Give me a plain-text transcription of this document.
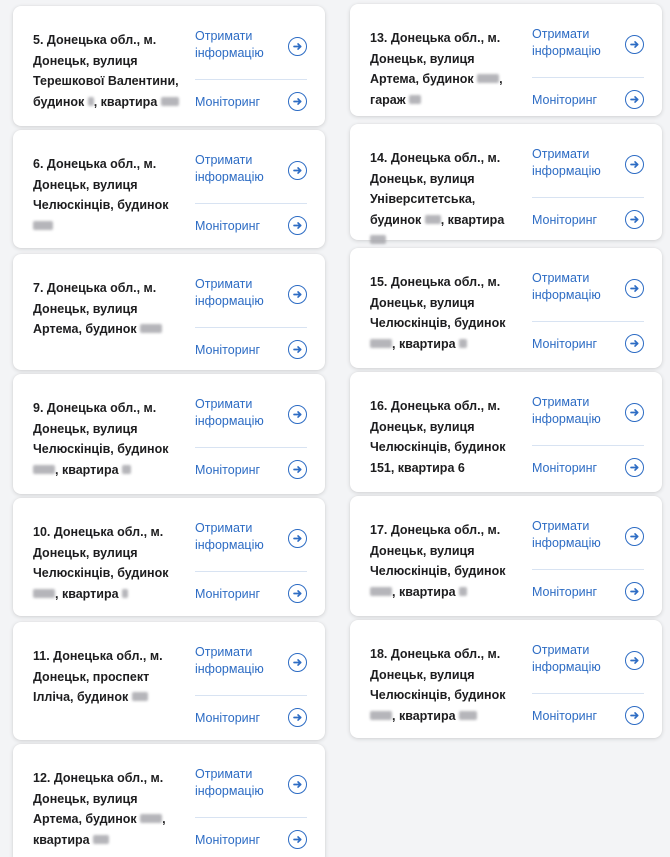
5. Донецька обл., м. Донецьк, вулиця Терешкової Валентини, будинок , квартира
Отримати інформацію
Моніторинг
6. Донецька обл., м. Донецьк, вулиця Челюскінців, будинок
Отримати інформацію
Моніторинг
7. Донецька обл., м. Донецьк, вулиця Артема, будинок
Отримати інформацію
Моніторинг
9. Донецька обл., м. Донецьк, вулиця Челюскінців, будинок , квартира
Отримати інформацію
Моніторинг
10. Донецька обл., м. Донецьк, вулиця Челюскінців, будинок , квартира
Отримати інформацію
Моніторинг
11. Донецька обл., м. Донецьк, проспект Ілліча, будинок
Отримати інформацію
Моніторинг
12. Донецька обл., м. Донецьк, вулиця Артема, будинок , квартира
Отримати інформацію
Моніторинг
13. Донецька обл., м. Донецьк, вулиця Артема, будинок , гараж
Отримати інформацію
Моніторинг
14. Донецька обл., м. Донецьк, вулиця Університетська, будинок , квартира
Отримати інформацію
Моніторинг
15. Донецька обл., м. Донецьк, вулиця Челюскінців, будинок , квартира
Отримати інформацію
Моніторинг
16. Донецька обл., м. Донецьк, вулиця Челюскінців, будинок 151, квартира 6
Отримати інформацію
Моніторинг
17. Донецька обл., м. Донецьк, вулиця Челюскінців, будинок , квартира
Отримати інформацію
Моніторинг
18. Донецька обл., м. Донецьк, вулиця Челюскінців, будинок , квартира
Отримати інформацію
Моніторинг
